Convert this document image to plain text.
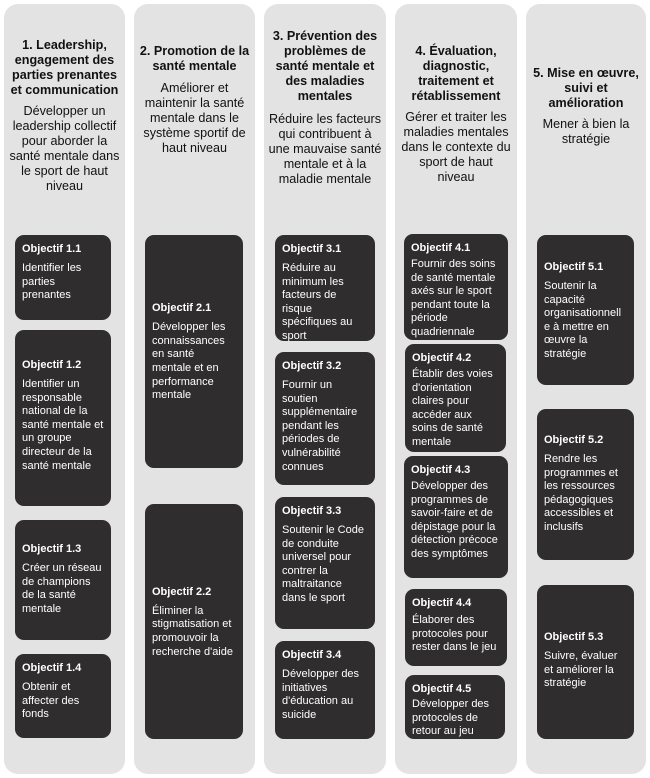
1. Leadership, engagement des parties prenantes et communication
Développer un leadership collectif pour aborder la santé mentale dans le sport de haut niveau
Objectif 1.1
Identifier les parties prenantes
Objectif 1.2
Identifier un responsable national de la santé mentale et un groupe directeur de la santé mentale
Objectif 1.3
Créer un réseau de champions de la santé mentale
Objectif 1.4
Obtenir et affecter des fonds
2. Promotion de la santé mentale
Améliorer et maintenir la santé mentale dans le système sportif de haut niveau
Objectif 2.1
Développer les connaissances en santé mentale et en performance mentale
Objectif 2.2
Éliminer la stigmatisation et promouvoir la recherche d'aide
3. Prévention des problèmes de santé mentale et des maladies mentales
Réduire les facteurs qui contribuent à une mauvaise santé mentale et à la maladie mentale
Objectif 3.1
Réduire au minimum les facteurs de risque spécifiques au sport
Objectif 3.2
Fournir un soutien supplémentaire pendant les périodes de vulnérabilité connues
Objectif 3.3
Soutenir le Code de conduite universel pour contrer la maltraitance dans le sport
Objectif 3.4
Développer des initiatives d'éducation au suicide
4. Évaluation, diagnostic, traitement et rétablissement
Gérer et traiter les maladies mentales dans le contexte du sport de haut niveau
Objectif 4.1
Fournir des soins de santé mentale axés sur le sport pendant toute la période quadriennale
Objectif 4.2
Établir des voies d'orientation claires pour accéder aux soins de santé mentale
Objectif 4.3
Développer des programmes de savoir-faire et de dépistage pour la détection précoce des symptômes
Objectif 4.4
Élaborer des protocoles pour rester dans le jeu
Objectif 4.5
Développer des protocoles de retour au jeu
5. Mise en œuvre, suivi et amélioration
Mener à bien la stratégie
Objectif 5.1
Soutenir la capacité organisationnelle à mettre en œuvre la stratégie
Objectif 5.2
Rendre les programmes et les ressources pédagogiques accessibles et inclusifs
Objectif 5.3
Suivre, évaluer et améliorer la stratégie
